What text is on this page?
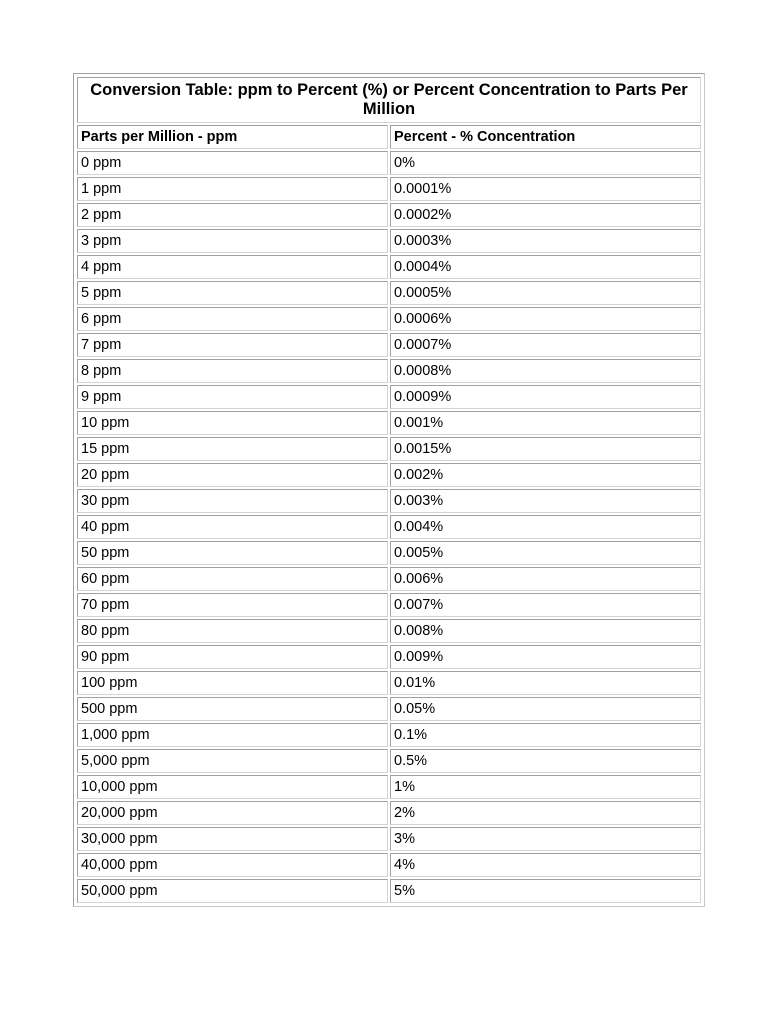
Conversion Table: ppm to Percent (%) or Percent Concentration to Parts Per Million	
Parts per Million - ppm	Percent - % Concentration
0 ppm	0%
1 ppm	0.0001%
2 ppm	0.0002%
3 ppm	0.0003%
4 ppm	0.0004%
5 ppm	0.0005%
6 ppm	0.0006%
7 ppm	0.0007%
8 ppm	0.0008%
9 ppm	0.0009%
10 ppm	0.001%
15 ppm	0.0015%
20 ppm	0.002%
30 ppm	0.003%
40 ppm	0.004%
50 ppm	0.005%
60 ppm	0.006%
70 ppm	0.007%
80 ppm	0.008%
90 ppm	0.009%
100 ppm	0.01%
500 ppm	0.05%
1,000 ppm	0.1%
5,000 ppm	0.5%
10,000 ppm	1%
20,000 ppm	2%
30,000 ppm	3%
40,000 ppm	4%
50,000 ppm	5%
